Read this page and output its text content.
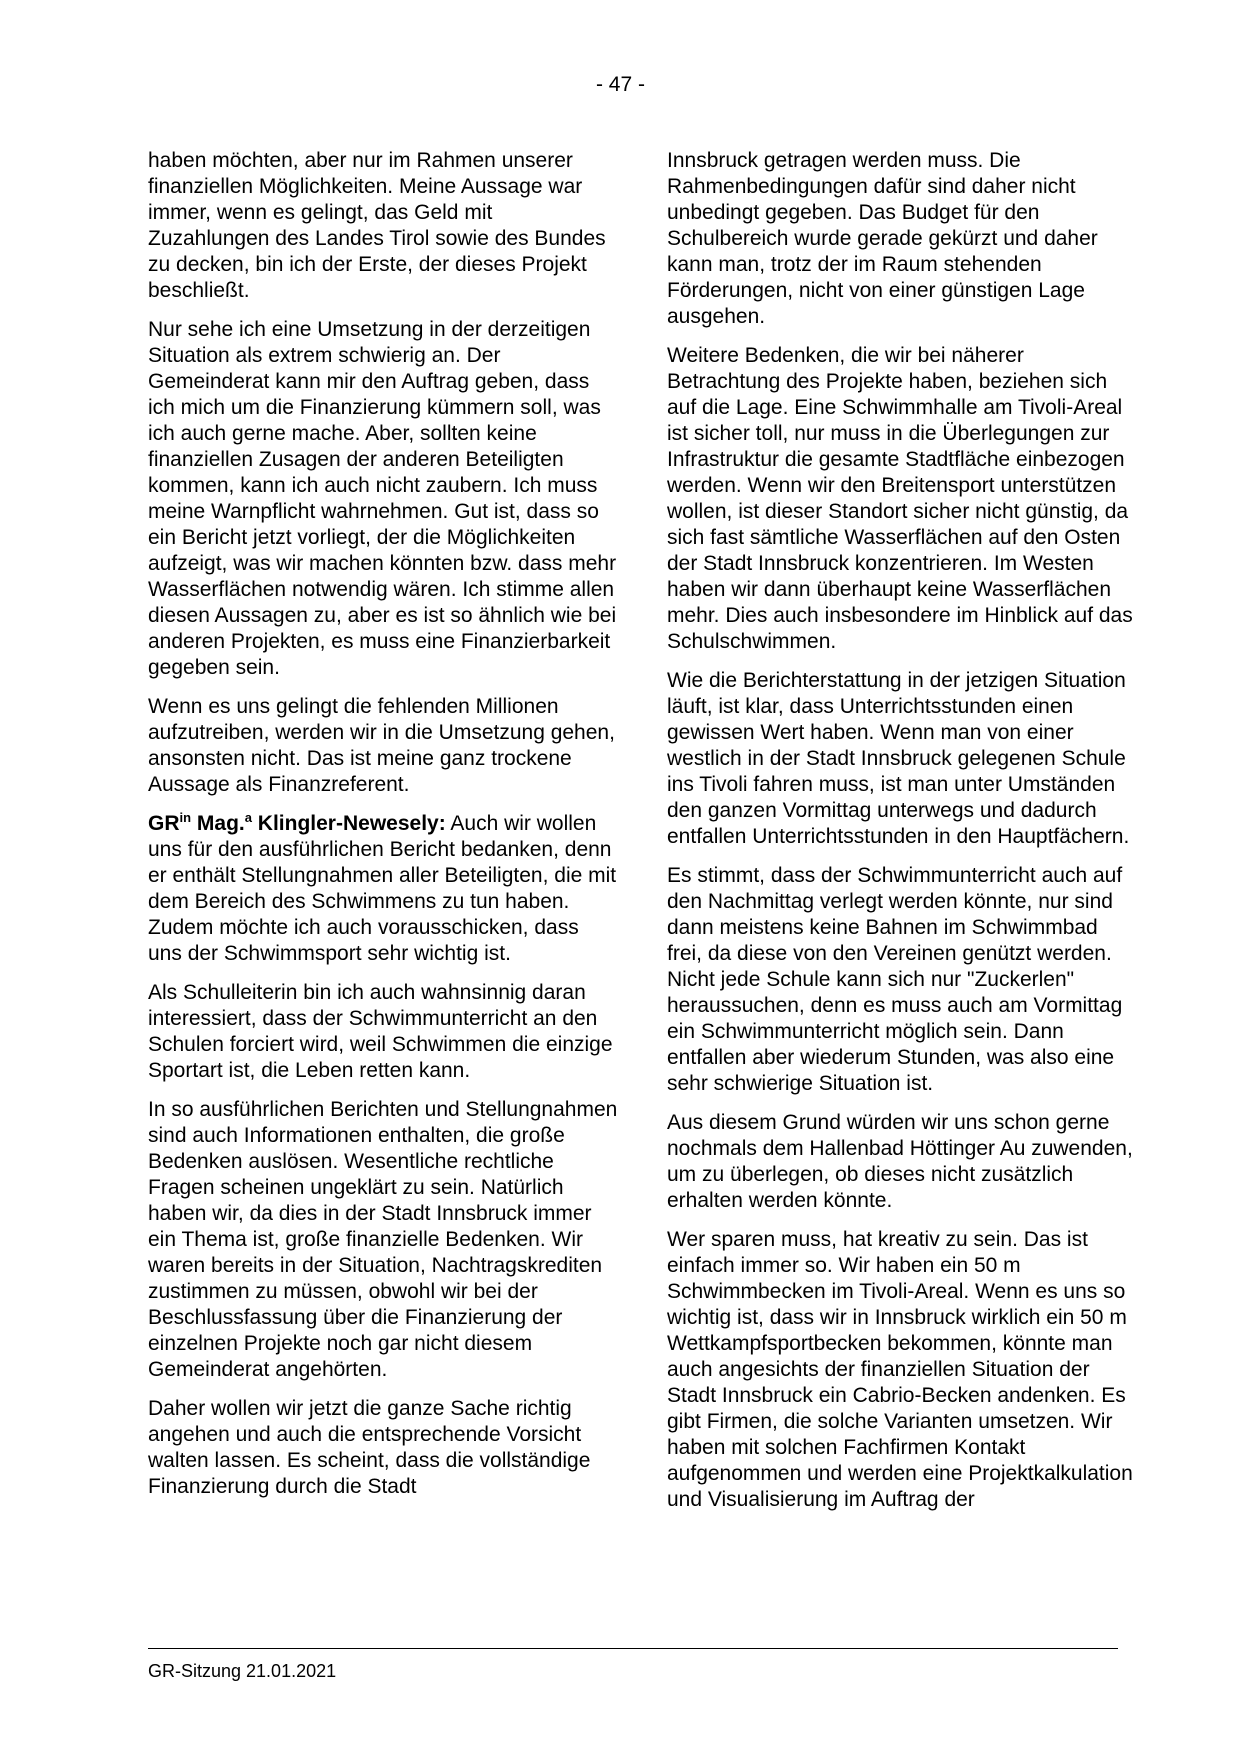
- 47 -

haben möchten, aber nur im Rahmen unserer finanziellen Möglichkeiten. Meine Aussage war immer, wenn es gelingt, das Geld mit Zuzahlungen des Landes Tirol sowie des Bundes zu decken, bin ich der Erste, der dieses Projekt beschließt.

Nur sehe ich eine Umsetzung in der derzeitigen Situation als extrem schwierig an. Der Gemeinderat kann mir den Auftrag geben, dass ich mich um die Finanzierung kümmern soll, was ich auch gerne mache. Aber, sollten keine finanziellen Zusagen der anderen Beteiligten kommen, kann ich auch nicht zaubern. Ich muss meine Warnpflicht wahrnehmen. Gut ist, dass so ein Bericht jetzt vorliegt, der die Möglichkeiten aufzeigt, was wir machen könnten bzw. dass mehr Wasserflächen notwendig wären. Ich stimme allen diesen Aussagen zu, aber es ist so ähnlich wie bei anderen Projekten, es muss eine Finanzierbarkeit gegeben sein.

Wenn es uns gelingt die fehlenden Millionen aufzutreiben, werden wir in die Umsetzung gehen, ansonsten nicht. Das ist meine ganz trockene Aussage als Finanzreferent.

$GR^{in}$ Mag.$^a$ Klingler-Newesely: Auch wir wollen uns für den ausführlichen Bericht bedanken, denn er enthält Stellungnahmen aller Beteiligten, die mit dem Bereich des Schwimmens zu tun haben. Zudem möchte ich auch vorausschicken, dass uns der Schwimmsport sehr wichtig ist.

Als Schulleiterin bin ich auch wahnsinnig daran interessiert, dass der Schwimmunterricht an den Schulen forciert wird, weil Schwimmen die einzige Sportart ist, die Leben retten kann.

In so ausführlichen Berichten und Stellungnahmen sind auch Informationen enthalten, die große Bedenken auslösen. Wesentliche rechtliche Fragen scheinen ungeklärt zu sein. Natürlich haben wir, da dies in der Stadt Innsbruck immer ein Thema ist, große finanzielle Bedenken. Wir waren bereits in der Situation, Nachtragskrediten zustimmen zu müssen, obwohl wir bei der Beschlussfassung über die Finanzierung der einzelnen Projekte noch gar nicht diesem Gemeinderat angehörten.

Daher wollen wir jetzt die ganze Sache richtig angehen und auch die entsprechende Vorsicht walten lassen. Es scheint, dass die vollständige Finanzierung durch die Stadt

Innsbruck getragen werden muss. Die Rahmenbedingungen dafür sind daher nicht unbedingt gegeben. Das Budget für den Schulbereich wurde gerade gekürzt und daher kann man, trotz der im Raum stehenden Förderungen, nicht von einer günstigen Lage ausgehen.

Weitere Bedenken, die wir bei näherer Betrachtung des Projekte haben, beziehen sich auf die Lage. Eine Schwimmhalle am Tivoli-Areal ist sicher toll, nur muss in die Überlegungen zur Infrastruktur die gesamte Stadtfläche einbezogen werden. Wenn wir den Breitensport unterstützen wollen, ist dieser Standort sicher nicht günstig, da sich fast sämtliche Wasserflächen auf den Osten der Stadt Innsbruck konzentrieren. Im Westen haben wir dann überhaupt keine Wasserflächen mehr. Dies auch insbesondere im Hinblick auf das Schulschwimmen.

Wie die Berichterstattung in der jetzigen Situation läuft, ist klar, dass Unterrichtsstunden einen gewissen Wert haben. Wenn man von einer westlich in der Stadt Innsbruck gelegenen Schule ins Tivoli fahren muss, ist man unter Umständen den ganzen Vormittag unterwegs und dadurch entfallen Unterrichtsstunden in den Hauptfächern.

Es stimmt, dass der Schwimmunterricht auch auf den Nachmittag verlegt werden könnte, nur sind dann meistens keine Bahnen im Schwimmbad frei, da diese von den Vereinen genützt werden. Nicht jede Schule kann sich nur "Zuckerlen" heraussuchen, denn es muss auch am Vormittag ein Schwimmunterricht möglich sein. Dann entfallen aber wiederum Stunden, was also eine sehr schwierige Situation ist.

Aus diesem Grund würden wir uns schon gerne nochmals dem Hallenbad Höttinger Au zuwenden, um zu überlegen, ob dieses nicht zusätzlich erhalten werden könnte.

Wer sparen muss, hat kreativ zu sein. Das ist einfach immer so. Wir haben ein 50 m Schwimmbecken im Tivoli-Areal. Wenn es uns so wichtig ist, dass wir in Innsbruck wirklich ein 50 m Wettkampfsportbecken bekommen, könnte man auch angesichts der finanziellen Situation der Stadt Innsbruck ein Cabrio-Becken andenken. Es gibt Firmen, die solche Varianten umsetzen. Wir haben mit solchen Fachfirmen Kontakt aufgenommen und werden eine Projektkalkulation und Visualisierung im Auftrag der

GR-Sitzung 21.01.2021
